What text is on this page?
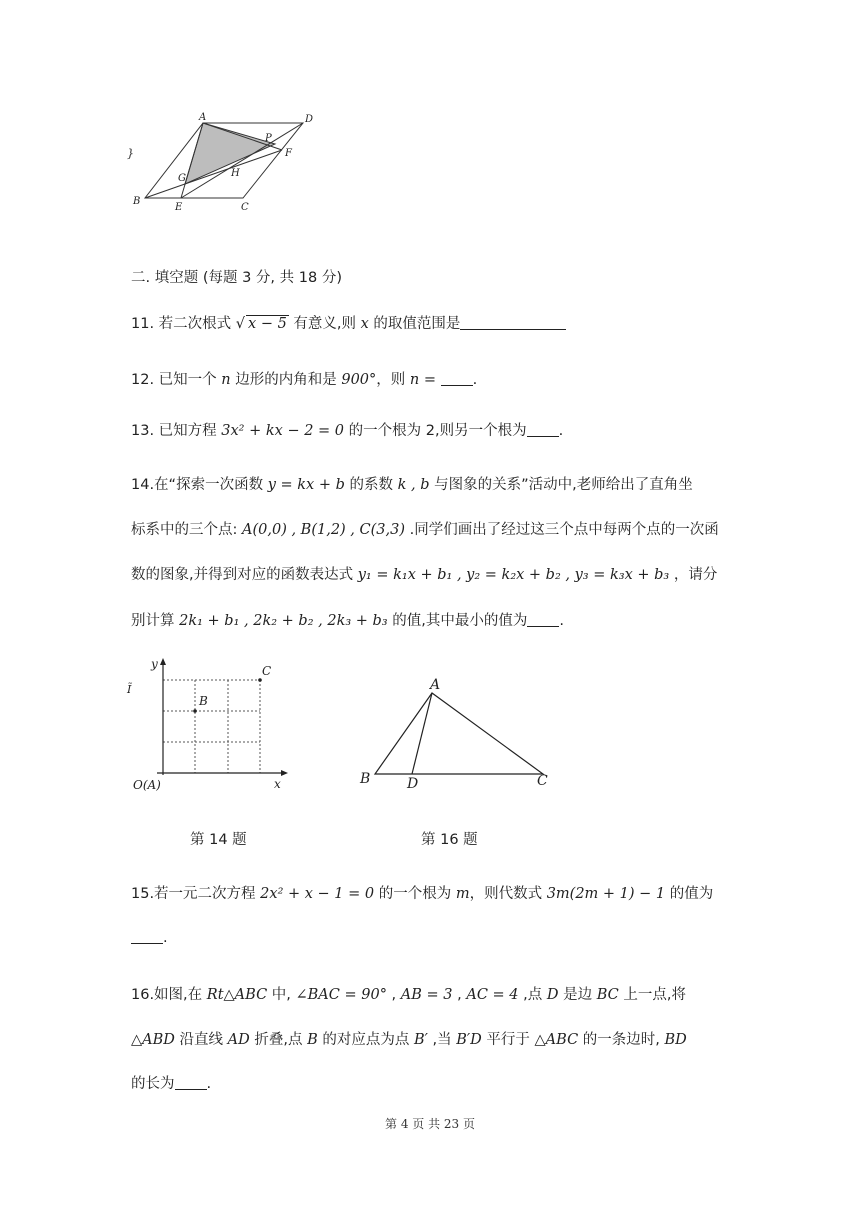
A	D
P
F
G	H
B
E	C
}
二. 填空题 (每题 3 分, 共 18 分)
11. 若二次根式 √ x − 5 有意义,则 x 的取值范围是
12. 已知一个 n 边形的内角和是 900°，则 n =	.
13. 已知方程 3x² + kx − 2 = 0 的一个根为 2,则另一个根为 .
14.在“探索一次函数 y = kx + b 的系数 k , b 与图象的关系”活动中,老师给出了直角坐
标系中的三个点: A(0,0) , B(1,2) , C(3,3) .同学们画出了经过这三个点中每两个点的一次函
数的图象,并得到对应的函数表达式 y₁ = k₁x + b₁ , y₂ = k₂x + b₂ , y₃ = k₃x + b₃ ，请分
别计算 2k₁ + b₁ , 2k₂ + b₂ , 2k₃ + b₃ 的值,其中最小的值为 .
y
x
O(A)
B
C
Ĩ	A
B	D	C
第 14 题	第 16 题
15.若一元二次方程 2x² + x − 1 = 0 的一个根为 m，则代数式 3m(2m + 1) − 1 的值为
.
16.如图,在 Rt△ABC 中, ∠BAC = 90° , AB = 3 , AC = 4 ,点 D 是边 BC 上一点,将
△ABD 沿直线 AD 折叠,点 B 的对应点为点 B′ ,当 B′D 平行于 △ABC 的一条边时, BD
的长为 .
第 4 页 共 23 页
